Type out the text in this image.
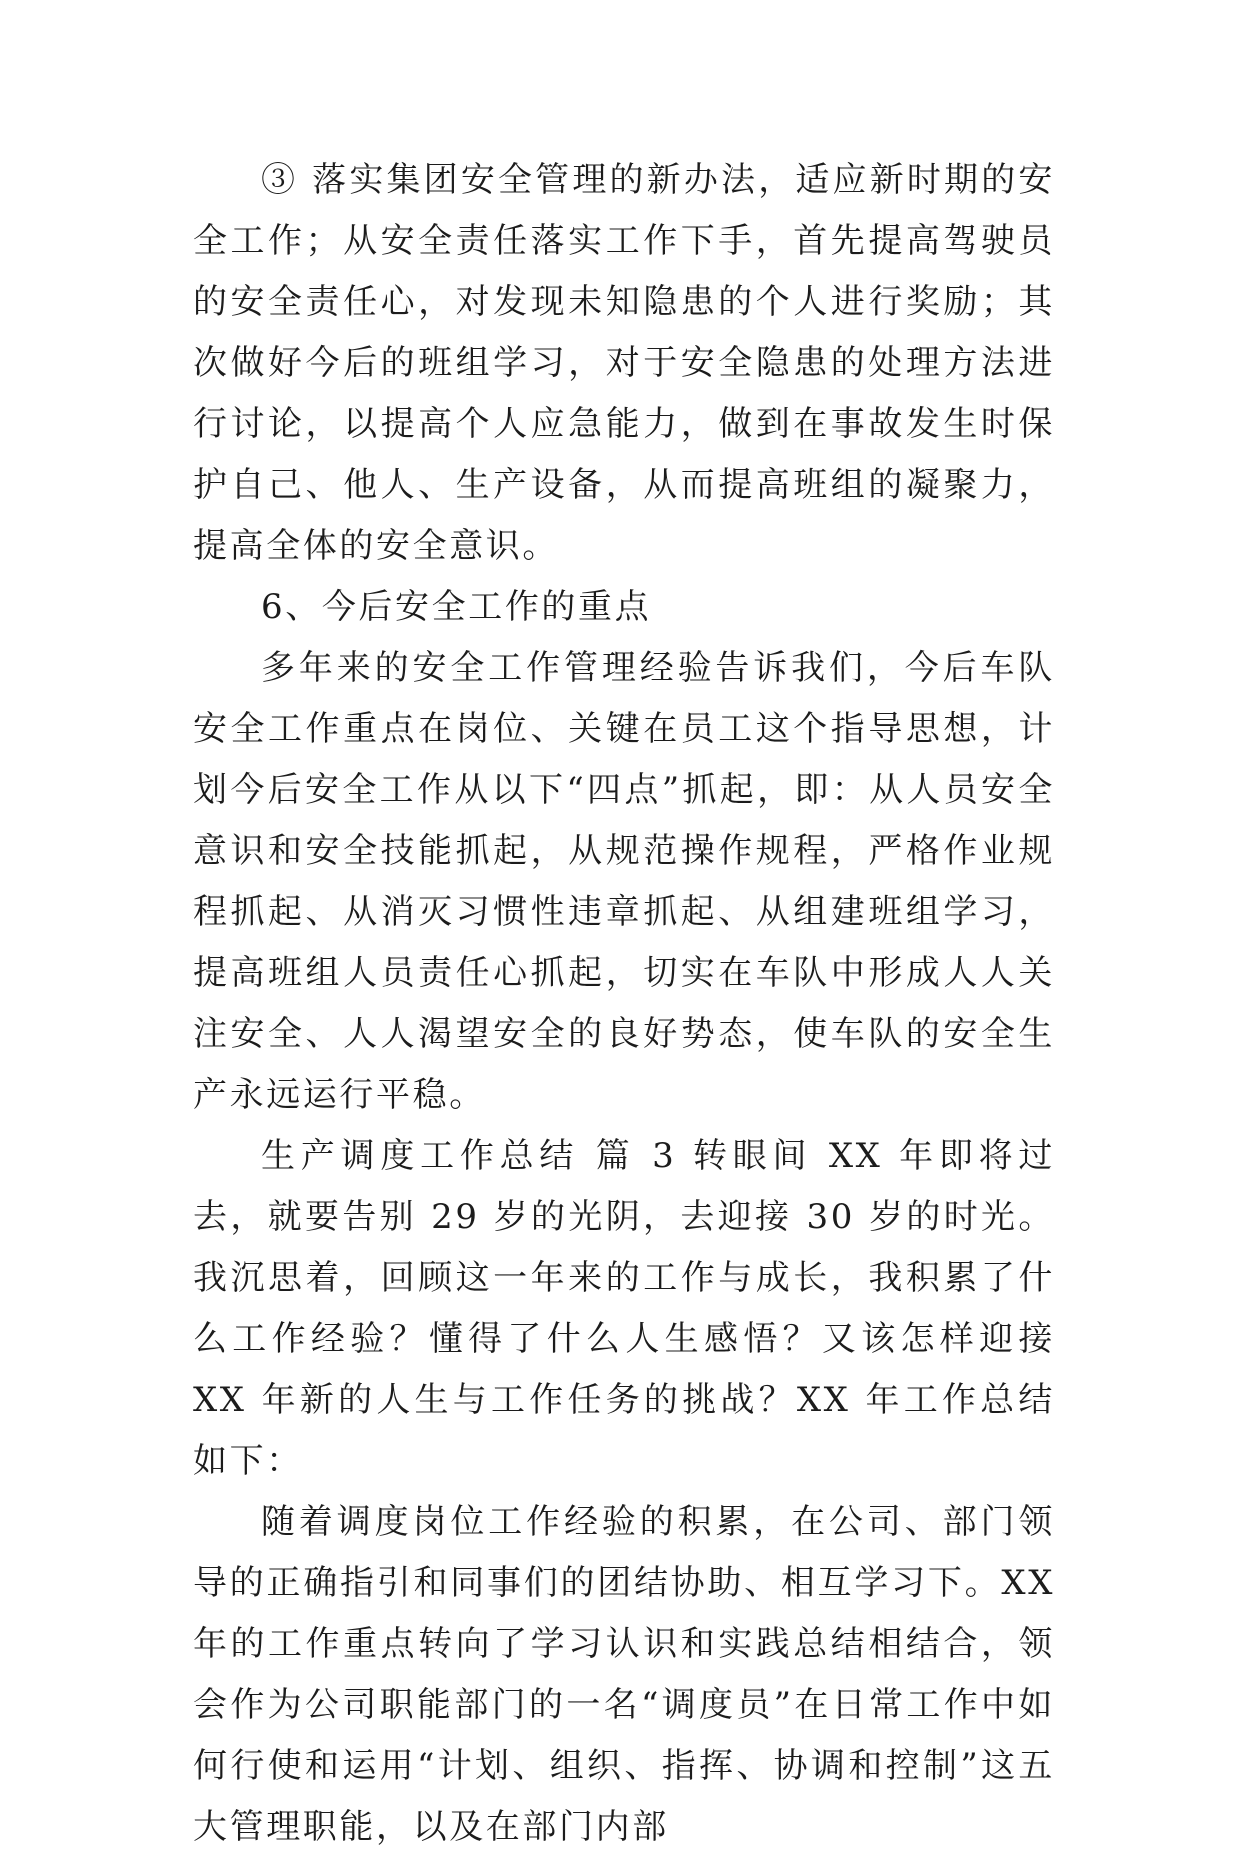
③ 落实集团安全管理的新办法，适应新时期的安全工作；从安全责任落实工作下手，首先提高驾驶员的安全责任心，对发现未知隐患的个人进行奖励；其次做好今后的班组学习，对于安全隐患的处理方法进行讨论，以提高个人应急能力，做到在事故发生时保护自己、他人、生产设备，从而提高班组的凝聚力，提高全体的安全意识。

6、今后安全工作的重点

多年来的安全工作管理经验告诉我们，今后车队安全工作重点在岗位、关键在员工这个指导思想，计划今后安全工作从以下“四点”抓起，即：从人员安全意识和安全技能抓起，从规范操作规程，严格作业规程抓起、从消灭习惯性违章抓起、从组建班组学习，提高班组人员责任心抓起，切实在车队中形成人人关注安全、人人渴望安全的良好势态，使车队的安全生产永远运行平稳。

生产调度工作总结 篇 3 转眼间 XX 年即将过去，就要告别 29 岁的光阴，去迎接 30 岁的时光。我沉思着，回顾这一年来的工作与成长，我积累了什么工作经验？懂得了什么人生感悟？又该怎样迎接 XX 年新的人生与工作任务的挑战？XX 年工作总结如下：

随着调度岗位工作经验的积累，在公司、部门领导的正确指引和同事们的团结协助、相互学习下。XX 年的工作重点转向了学习认识和实践总结相结合，领会作为公司职能部门的一名“调度员”在日常工作中如何行使和运用“计划、组织、指挥、协调和控制”这五大管理职能，以及在部门内部
